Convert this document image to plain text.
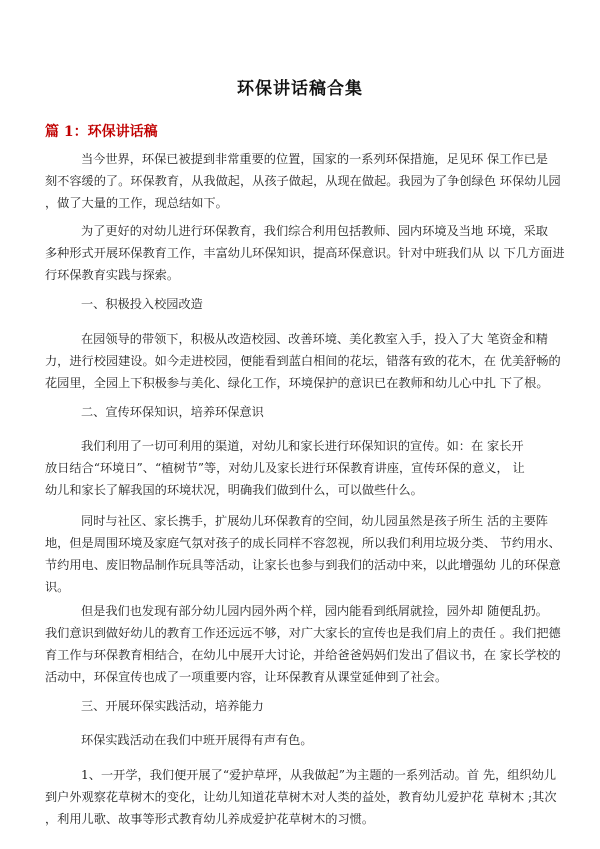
环保讲话稿合集
篇 1：环保讲话稿

当今世界，环保已被提到非常重要的位置，国家的一系列环保措施，足见环 保工作已是
刻不容缓的了。环保教育，从我做起，从孩子做起，从现在做起。我园为了争创绿色 环保幼儿园
，做了大量的工作，现总结如下。

为了更好的对幼儿进行环保教育，我们综合利用包括教师、园内环境及当地 环境，采取
多种形式开展环保教育工作，丰富幼儿环保知识，提高环保意识。针对中班我们从 以 下几方面进
行环保教育实践与探索。

一、积极投入校园改造

在园领导的带领下，积极从改造校园、改善环境、美化教室入手，投入了大 笔资金和精
力，进行校园建设。如今走进校园，便能看到蓝白相间的花坛，错落有致的花木，在 优美舒畅的
花园里，全园上下积极参与美化、绿化工作，环境保护的意识已在教师和幼儿心中扎 下了根。

二、宣传环保知识，培养环保意识

我们利用了一切可利用的渠道，对幼儿和家长进行环保知识的宣传。如：在 家长开
放日结合“环境日”、“植树节”等，对幼儿及家长进行环保教育讲座，宣传环保的意义， 让
幼儿和家长了解我国的环境状况，明确我们做到什么，可以做些什么。

同时与社区、家长携手，扩展幼儿环保教育的空间，幼儿园虽然是孩子所生 活的主要阵
地，但是周围环境及家庭气氛对孩子的成长同样不容忽视，所以我们利用垃圾分类、 节约用水、
节约用电、废旧物品制作玩具等活动，让家长也参与到我们的活动中来，以此增强幼 儿的环保意
识。

但是我们也发现有部分幼儿园内园外两个样，园内能看到纸屑就捡，园外却 随便乱扔。
我们意识到做好幼儿的教育工作还远远不够，对广大家长的宣传也是我们肩上的责任 。我们把德
育工作与环保教育相结合，在幼儿中展开大讨论，并给爸爸妈妈们发出了倡议书，在 家长学校的
活动中，环保宣传也成了一项重要内容，让环保教育从课堂延伸到了社会。

三、开展环保实践活动，培养能力
环保实践活动在我们中班开展得有声有色。

1、一开学，我们便开展了“爱护草坪，从我做起”为主题的一系列活动。首 先，组织幼儿
到户外观察花草树木的变化，让幼儿知道花草树木对人类的益处，教育幼儿爱护花 草树木 ;其次
，利用儿歌、故事等形式教育幼儿养成爱护花草树木的习惯。
